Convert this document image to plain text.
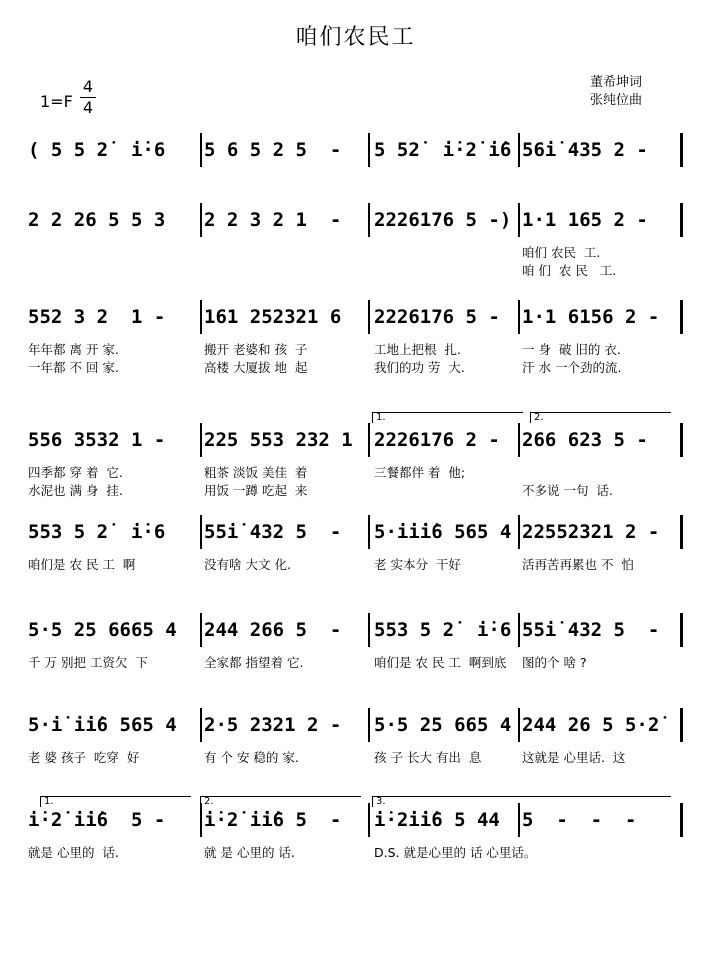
咱们农民工
1=F
4
4
董希坤词
张纯位曲
( 5 5 2̇  i̇·6 5 6 5 2 5  - 5 52̇  i̇·2̇ i̇6 56i̇ 435 2 -
2 2 26 5 5 3 2 2 3 2 1  - 2226176 5 -) 1·1 165 2 -
咱们 农民  工.
咱 们  农 民   工.
552 3 2  1 - 161 252321 6 2226176 5 - 1·1 6156 2 -
年年都 离 开 家.	搬开 老婆和 孩  子	工地上把根  扎.	一 身  破 旧的 衣.
一年都 不 回 家.	高楼 大厦拔 地  起	我们的功 劳  大.	汗 水 一个劲的流.
556 3532 1 - 225 553 232 1 2226176 2 - 266 623 5 -
四季都 穿 着  它.	粗茶 淡饭 美佳  着	三餐都伴 着  他;
水泥也 满 身  挂.	用饭 一蹲 吃起  来	不多说 一句  话.
553 5 2̇  i̇·6 55i̇ 432 5  - 5·i̇i̇i̇6 565 4 22552321 2 -
咱们是 农 民 工  啊	没有啥 大文 化.	老 实本分  干好	活再苦再累也 不  怕
5·5 25 6665 4 244 266 5  - 553 5 2̇  i̇·6 55i̇ 432 5  -
千 万 别把 工资欠  下	全家都 指望着 它.	咱们是 农 民 工  啊到底 图的个 啥 ?
5·i̇ i̇i̇6 565 4 2·5 2321 2 - 5·5 25 665 4 244 26 5 5·2̇
老 婆 孩子  吃穿  好	有 个 安 稳的 家.	孩 子 长大 有出  息	这就是 心里话.  这
i̇·2̇ i̇i̇6  5 - i̇·2̇ i̇i̇6 5  - i̇·2̇i̇i̇6 5 44 5  -  -  -
就是 心里的  话.	就 是 心里的 话.	D.S. 就是心里的 话 心里话。
1.	2.
1.	2.	3.
